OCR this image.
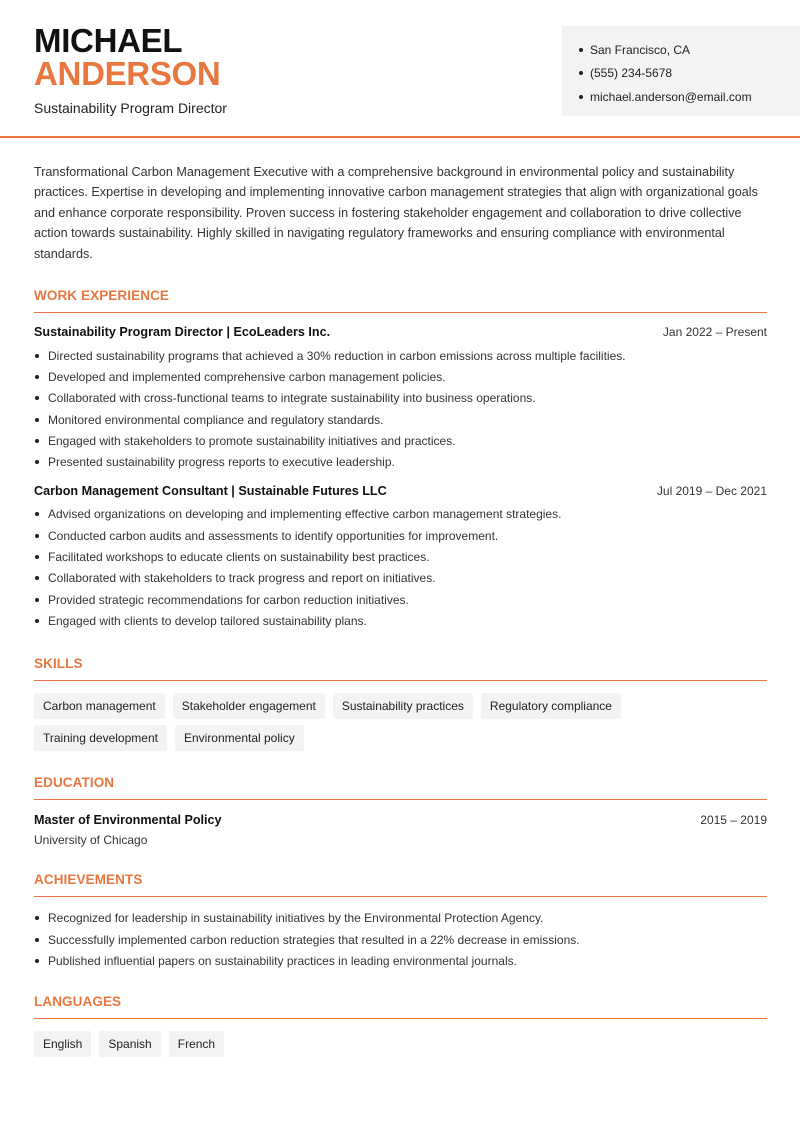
MICHAEL
ANDERSON
Sustainability Program Director
San Francisco, CA
(555) 234-5678
michael.anderson@email.com

Transformational Carbon Management Executive with a comprehensive background in environmental policy and sustainability practices. Expertise in developing and implementing innovative carbon management strategies that align with organizational goals and enhance corporate responsibility. Proven success in fostering stakeholder engagement and collaboration to drive collective action towards sustainability. Highly skilled in navigating regulatory frameworks and ensuring compliance with environmental standards.

WORK EXPERIENCE
Sustainability Program Director | EcoLeaders Inc.	Jan 2022 – Present
Directed sustainability programs that achieved a 30% reduction in carbon emissions across multiple facilities.
Developed and implemented comprehensive carbon management policies.
Collaborated with cross-functional teams to integrate sustainability into business operations.
Monitored environmental compliance and regulatory standards.
Engaged with stakeholders to promote sustainability initiatives and practices.
Presented sustainability progress reports to executive leadership.
Carbon Management Consultant | Sustainable Futures LLC	Jul 2019 – Dec 2021
Advised organizations on developing and implementing effective carbon management strategies.
Conducted carbon audits and assessments to identify opportunities for improvement.
Facilitated workshops to educate clients on sustainability best practices.
Collaborated with stakeholders to track progress and report on initiatives.
Provided strategic recommendations for carbon reduction initiatives.
Engaged with clients to develop tailored sustainability plans.
SKILLS
Carbon management	Stakeholder engagement	Sustainability practices	Regulatory compliance
Training development	Environmental policy
EDUCATION
Master of Environmental Policy	2015 – 2019
University of Chicago
ACHIEVEMENTS
Recognized for leadership in sustainability initiatives by the Environmental Protection Agency.
Successfully implemented carbon reduction strategies that resulted in a 22% decrease in emissions.
Published influential papers on sustainability practices in leading environmental journals.
LANGUAGES
English	Spanish	French
